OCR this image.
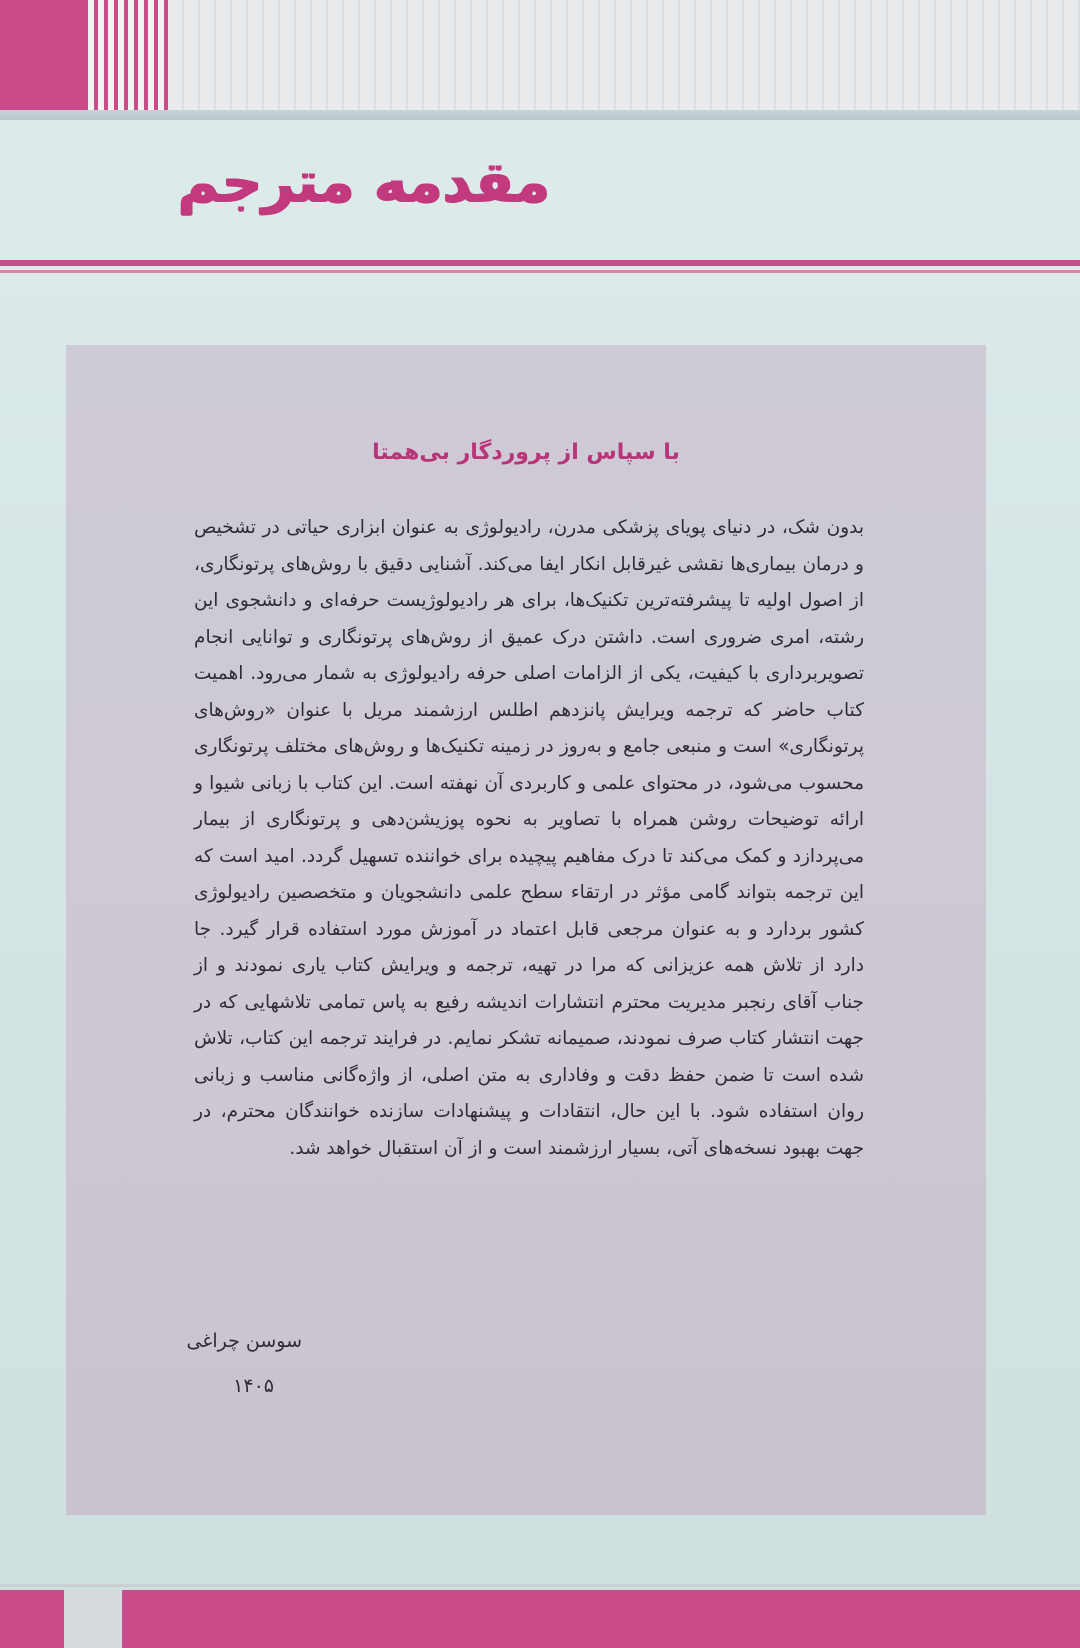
مقدمه مترجم
با سپاس از پروردگار بی‌همتا
بدون شک، در دنیای پویای پزشکی مدرن، رادیولوژی به عنوان ابزاری حیاتی در تشخیص و درمان بیماری‌ها نقشی غیرقابل انکار ایفا می‌کند. آشنایی دقیق با روش‌های پرتونگاری، از اصول اولیه تا پیشرفته‌ترین تکنیک‌ها، برای هر رادیولوژیست حرفه‌ای و دانشجوی این رشته، امری ضروری است. داشتن درک عمیق از روش‌های پرتونگاری و توانایی انجام تصویربرداری با کیفیت، یکی از الزامات اصلی حرفه رادیولوژی به شمار می‌رود. اهمیت کتاب حاضر که ترجمه ویرایش پانزدهم اطلس ارزشمند مریل با عنوان «روش‌های پرتونگاری» است و منبعی جامع و به‌روز در زمینه تکنیک‌ها و روش‌های مختلف پرتونگاری محسوب می‌شود، در محتوای علمی و کاربردی آن نهفته است. این کتاب با زبانی شیوا و ارائه توضیحات روشن همراه با تصاویر به نحوه پوزیشن‌دهی و پرتونگاری از بیمار می‌پردازد و کمک می‌کند تا درک مفاهیم پیچیده برای خواننده تسهیل گردد. امید است که این ترجمه بتواند گامی مؤثر در ارتقاء سطح علمی دانشجویان و متخصصین رادیولوژی کشور بردارد و به عنوان مرجعی قابل اعتماد در آموزش مورد استفاده قرار گیرد. جا دارد از تلاش همه عزیزانی که مرا در تهیه، ترجمه و ویرایش کتاب یاری نمودند و از جناب آقای رنجبر مدیریت محترم انتشارات اندیشه رفیع به پاس تمامی تلاشهایی که در جهت انتشار کتاب صرف نمودند، صمیمانه تشکر نمایم. در فرایند ترجمه این کتاب، تلاش شده است تا ضمن حفظ دقت و وفاداری به متن اصلی، از واژه‌گانی مناسب و زبانی روان استفاده شود. با این حال، انتقادات و پیشنهادات سازنده خوانندگان محترم، در جهت بهبود نسخه‌های آتی، بسیار ارزشمند است و از آن استقبال خواهد شد.
سوسن چراغی
۱۴۰۵
